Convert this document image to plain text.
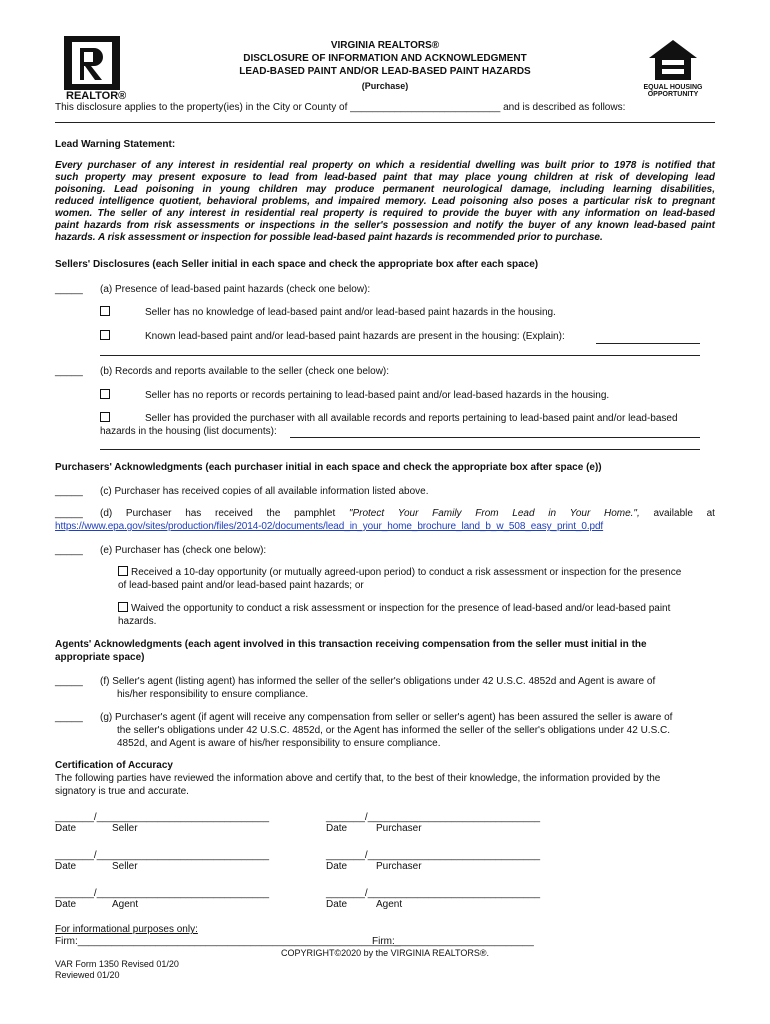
REALTOR®
VIRGINIA REALTORS®
DISCLOSURE OF INFORMATION AND ACKNOWLEDGMENT
LEAD-BASED PAINT AND/OR LEAD-BASED PAINT HAZARDS
(Purchase)	EQUAL HOUSING
OPPORTUNITY
This disclosure applies to the property(ies) in the City or County of ___________________________ and is described as follows:
Lead Warning Statement:
Every purchaser of any interest in residential real property on which a residential dwelling was built prior to 1978 is notified that
such property may present exposure to lead from lead-based paint that may place young children at risk of developing lead
poisoning. Lead poisoning in young children may produce permanent neurological damage, including learning disabilities,
reduced intelligence quotient, behavioral problems, and impaired memory. Lead poisoning also poses a particular risk to pregnant
women. The seller of any interest in residential real property is required to provide the buyer with any information on lead-based
paint hazards from risk assessments or inspections in the seller's possession and notify the buyer of any known lead-based paint
hazards. A risk assessment or inspection for possible lead-based paint hazards is recommended prior to purchase.
Sellers' Disclosures (each Seller initial in each space and check the appropriate box after each space)
_____ (a) Presence of lead-based paint hazards (check one below):
Seller has no knowledge of lead-based paint and/or lead-based paint hazards in the housing.
Known lead-based paint and/or lead-based paint hazards are present in the housing: (Explain):
_____ (b) Records and reports available to the seller (check one below):
Seller has no reports or records pertaining to lead-based paint and/or lead-based hazards in the housing.
Seller has provided the purchaser with all available records and reports pertaining to lead-based paint and/or lead-based
hazards in the housing (list documents):
Purchasers' Acknowledgments (each purchaser initial in each space and check the appropriate box after space (e))
_____ (c) Purchaser has received copies of all available information listed above.
_____ (d) Purchaser has received the pamphlet "Protect Your Family From Lead in Your Home.", available at
https://www.epa.gov/sites/production/files/2014-02/documents/lead_in_your_home_brochure_land_b_w_508_easy_print_0.pdf
_____ (e) Purchaser has (check one below):
Received a 10-day opportunity (or mutually agreed-upon period) to conduct a risk assessment or inspection for the presence
of lead-based paint and/or lead-based paint hazards; or
Waived the opportunity to conduct a risk assessment or inspection for the presence of lead-based and/or lead-based paint
hazards.
Agents' Acknowledgments (each agent involved in this transaction receiving compensation from the seller must initial in the
appropriate space)
_____ (f) Seller's agent (listing agent) has informed the seller of the seller's obligations under 42 U.S.C. 4852d and Agent is aware of
his/her responsibility to ensure compliance.
_____ (g) Purchaser's agent (if agent will receive any compensation from seller or seller's agent) has been assured the seller is aware of
the seller's obligations under 42 U.S.C. 4852d, or the Agent has informed the seller of the seller's obligations under 42 U.S.C.
4852d, and Agent is aware of his/her responsibility to ensure compliance.
Certification of Accuracy
The following parties have reviewed the information above and certify that, to the best of their knowledge, the information provided by the
signatory is true and accurate.
_______/_______________________________	_______/_______________________________
Date	Seller	Date	Purchaser
_______/_______________________________	_______/_______________________________
Date	Seller	Date	Purchaser
_______/_______________________________	_______/_______________________________
Date	Agent	Date	Agent
For informational purposes only:
Firm:__________________________________________________________
Firm:_________________________
COPYRIGHT©2020 by the VIRGINIA REALTORS®.
VAR Form 1350 Revised 01/20
Reviewed 01/20
